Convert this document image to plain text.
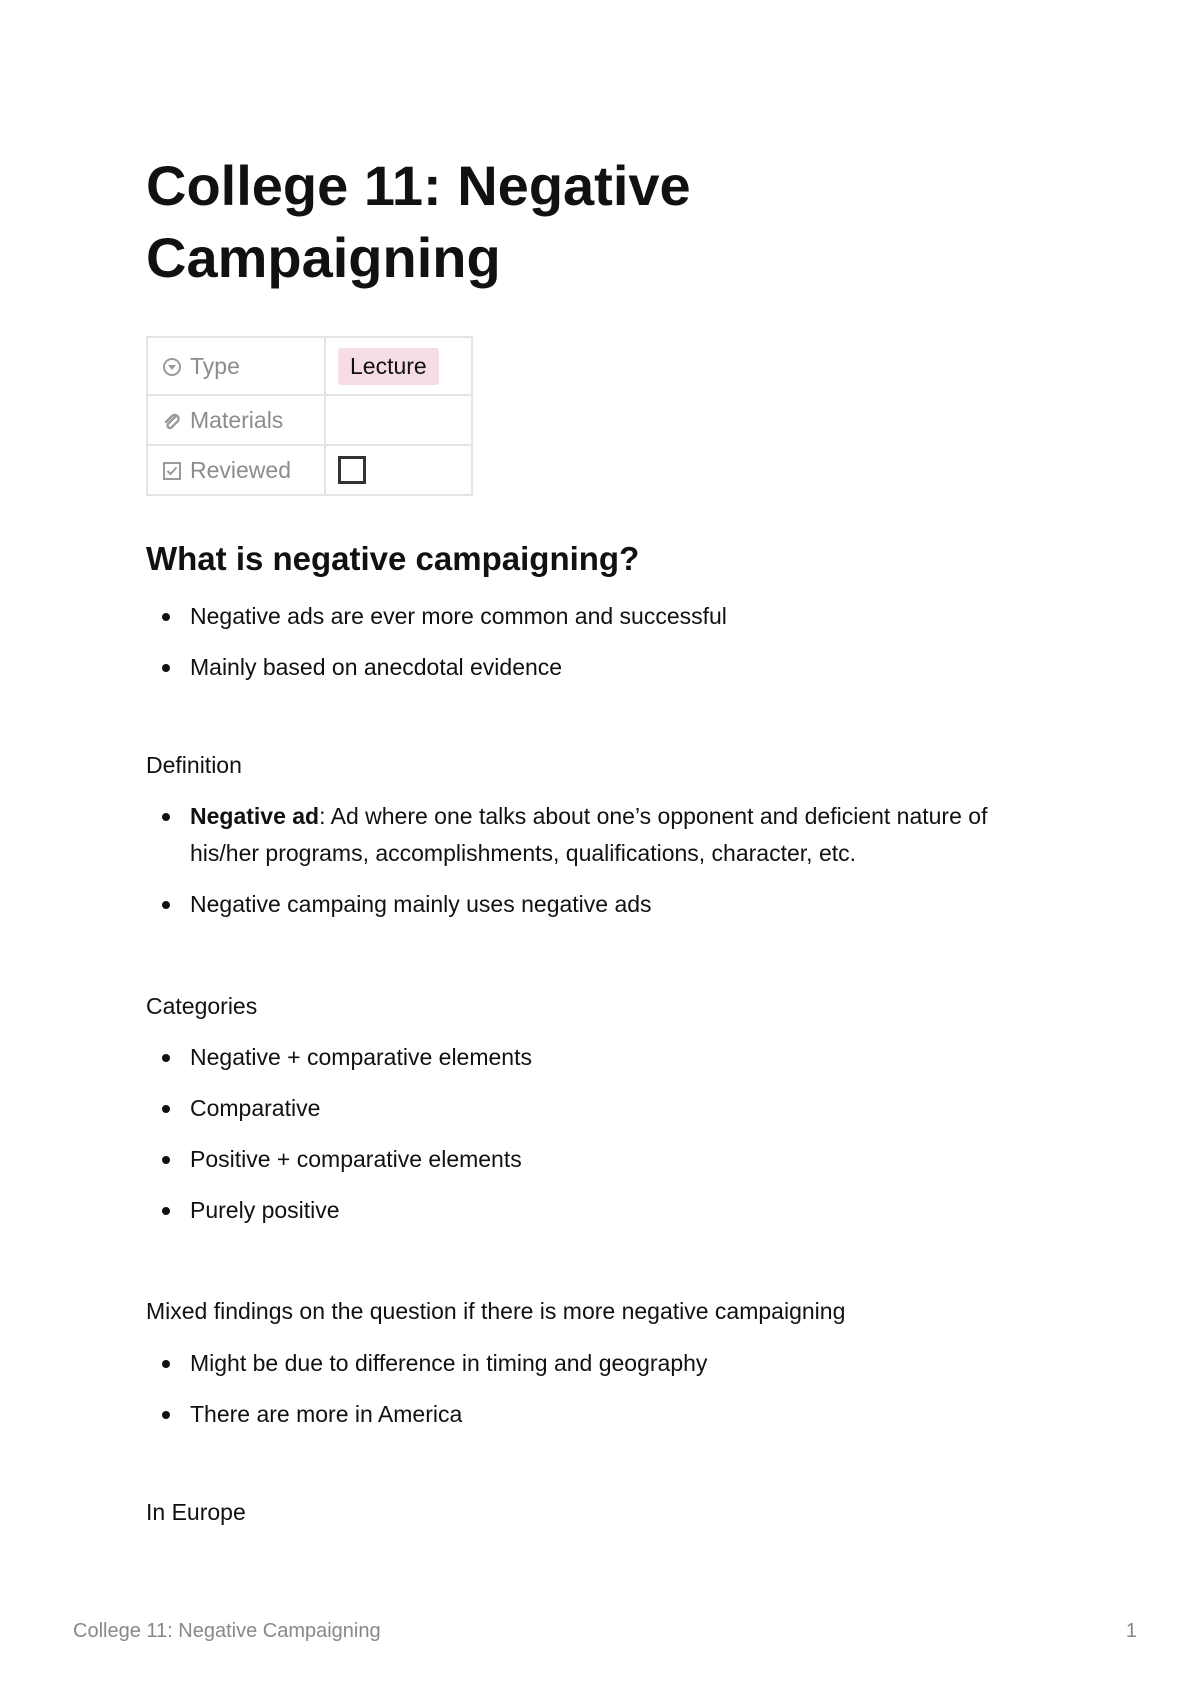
College 11: Negative Campaigning
Type	Lecture
Materials	
Reviewed	
What is negative campaigning?
Negative ads are ever more common and successful
Mainly based on anecdotal evidence

Definition

Negative ad: Ad where one talks about one’s opponent and deficient nature of his/her programs, accomplishments, qualifications, character, etc.
Negative campaing mainly uses negative ads

Categories

Negative + comparative elements
Comparative
Positive + comparative elements
Purely positive

Mixed findings on the question if there is more negative campaigning

Might be due to difference in timing and geography
There are more in America

In Europe

College 11: Negative Campaigning	1
